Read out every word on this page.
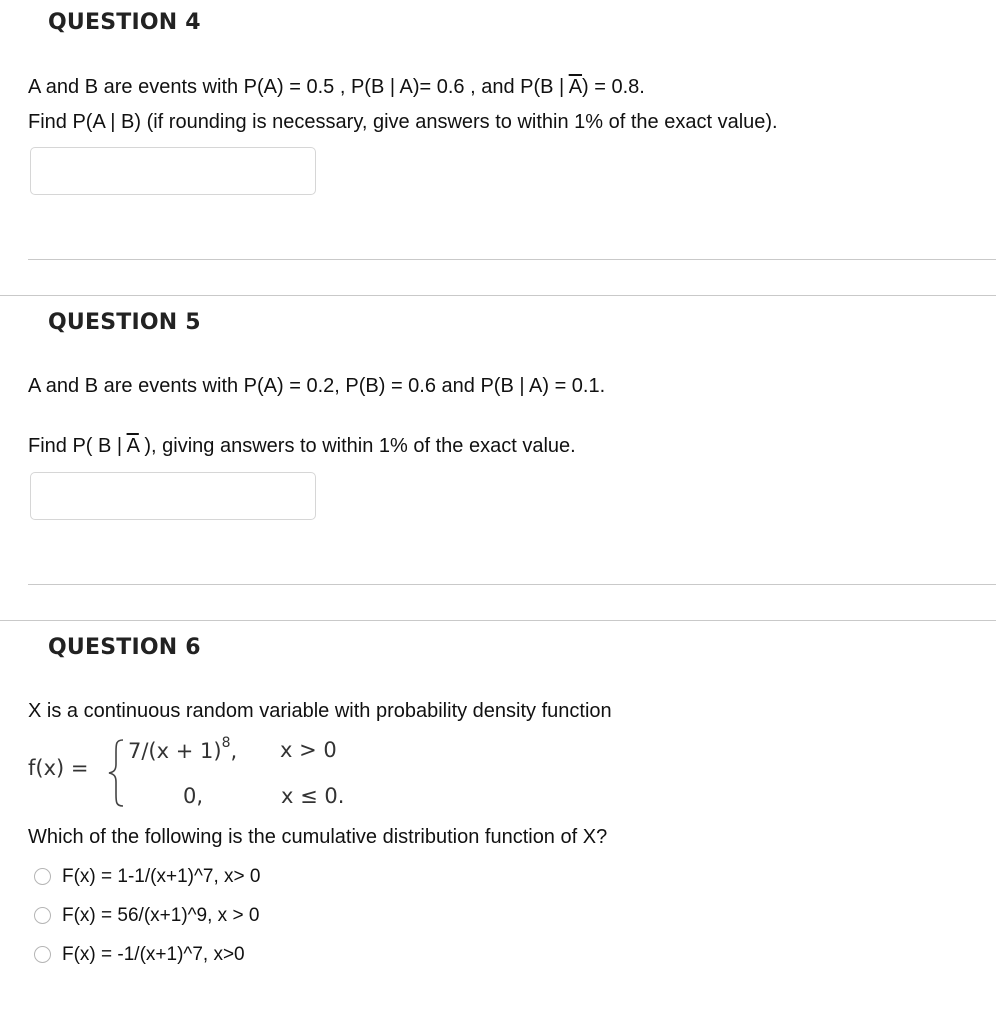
QUESTION 4
A and B are events with P(A) = 0.5 , P(B | A)= 0.6 , and P(B | $\overline{A}) = 0.8$.
Find P(A | B) (if rounding is necessary, give answers to within 1% of the exact value).
QUESTION 5
A and B are events with P(A) = 0.2, P(B) = 0.6 and P(B | A) = 0.1.
Find P( B | $\overline{A}$ ), giving answers to within 1% of the exact value.
QUESTION 6
X is a continuous random variable with probability density function
f(x) =
$7/(x + 1)^8$, x > 0
0,	x ≤ 0.
Which of the following is the cumulative distribution function of X?
F(x) = 1-1/(x+1)^7, x> 0
F(x) = 56/(x+1)^9, x > 0
F(x) = -1/(x+1)^7, x>0
